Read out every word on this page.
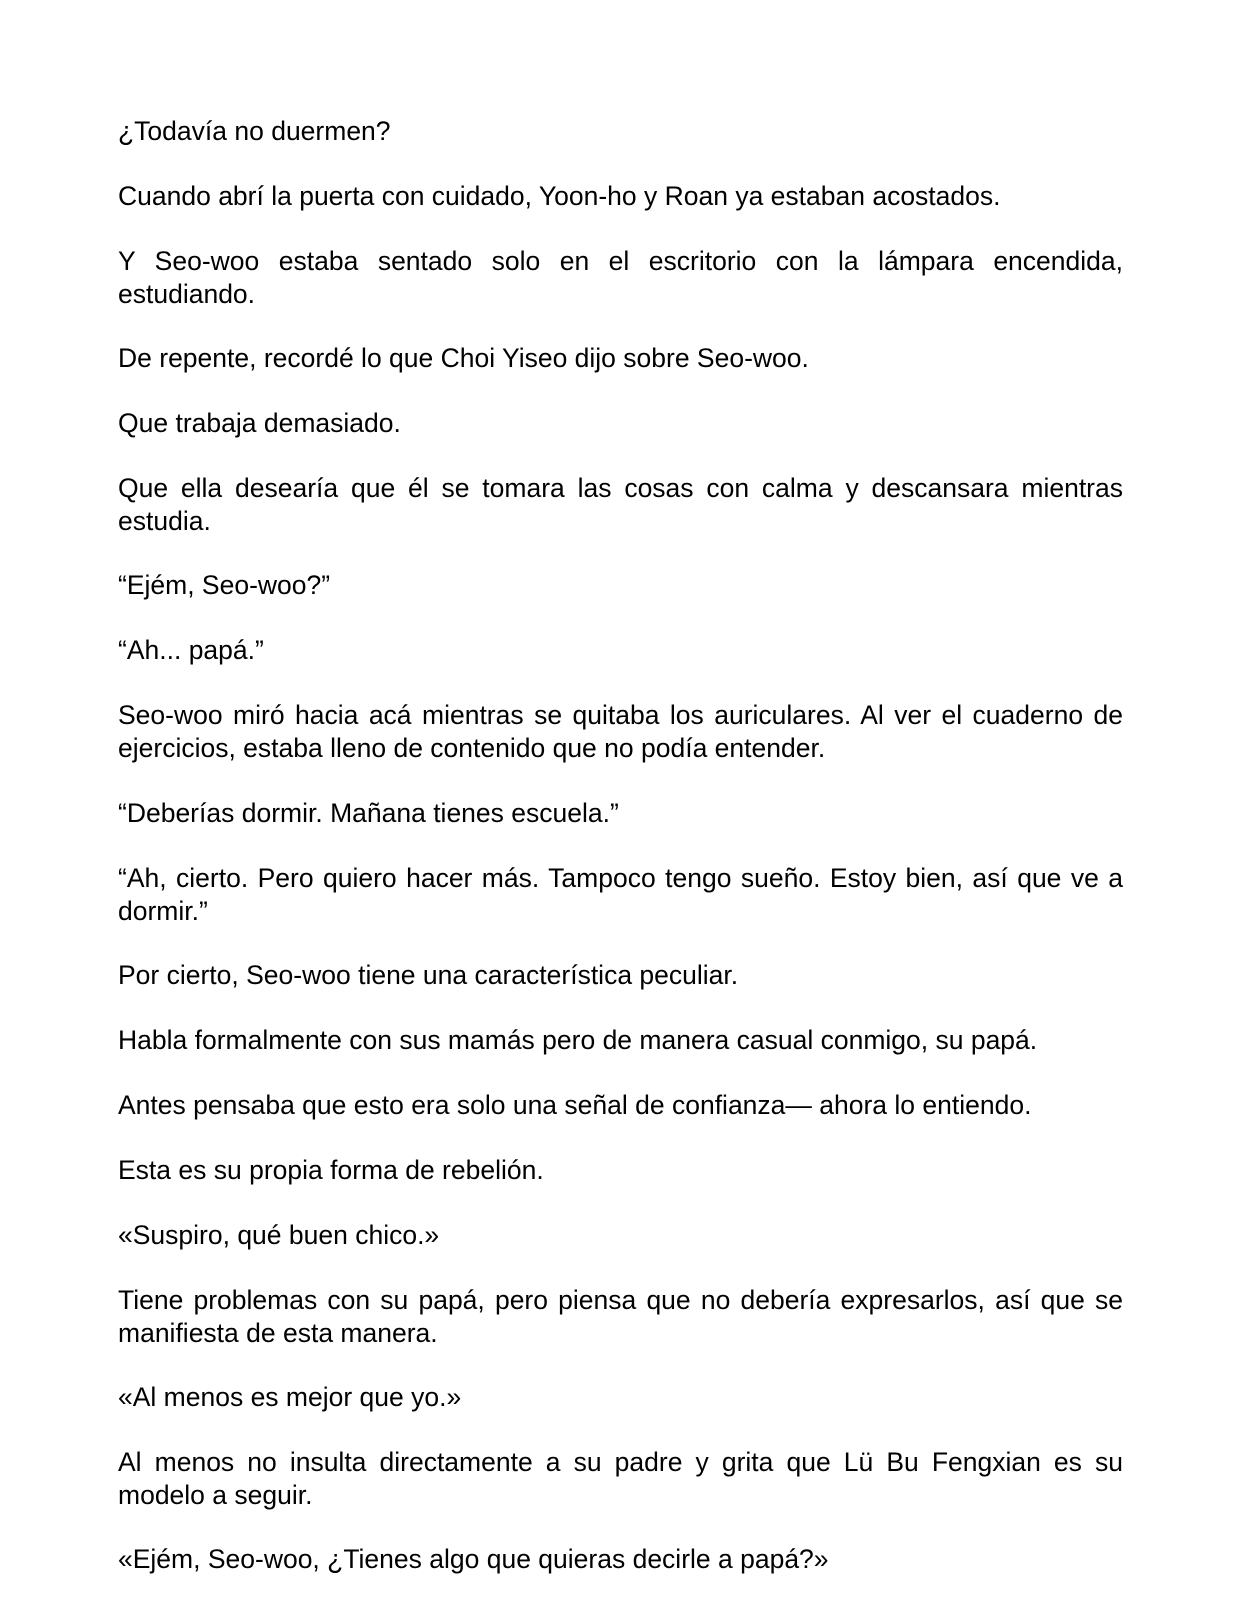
¿Todavía no duermen?

Cuando abrí la puerta con cuidado, Yoon-ho y Roan ya estaban acostados.

Y Seo-woo estaba sentado solo en el escritorio con la lámpara encendida, estudiando.

De repente, recordé lo que Choi Yiseo dijo sobre Seo-woo.

Que trabaja demasiado.

Que ella desearía que él se tomara las cosas con calma y descansara mientras estudia.

“Ejém, Seo-woo?”

“Ah... papá.”

Seo-woo miró hacia acá mientras se quitaba los auriculares. Al ver el cuaderno de ejercicios, estaba lleno de contenido que no podía entender.

“Deberías dormir. Mañana tienes escuela.”

“Ah, cierto. Pero quiero hacer más. Tampoco tengo sueño. Estoy bien, así que ve a dormir.”

Por cierto, Seo-woo tiene una característica peculiar.

Habla formalmente con sus mamás pero de manera casual conmigo, su papá.

Antes pensaba que esto era solo una señal de confianza— ahora lo entiendo.

Esta es su propia forma de rebelión.

«Suspiro, qué buen chico.»

Tiene problemas con su papá, pero piensa que no debería expresarlos, así que se manifiesta de esta manera.

«Al menos es mejor que yo.»

Al menos no insulta directamente a su padre y grita que Lü Bu Fengxian es su modelo a seguir.

«Ejém, Seo-woo, ¿Tienes algo que quieras decirle a papá?»
